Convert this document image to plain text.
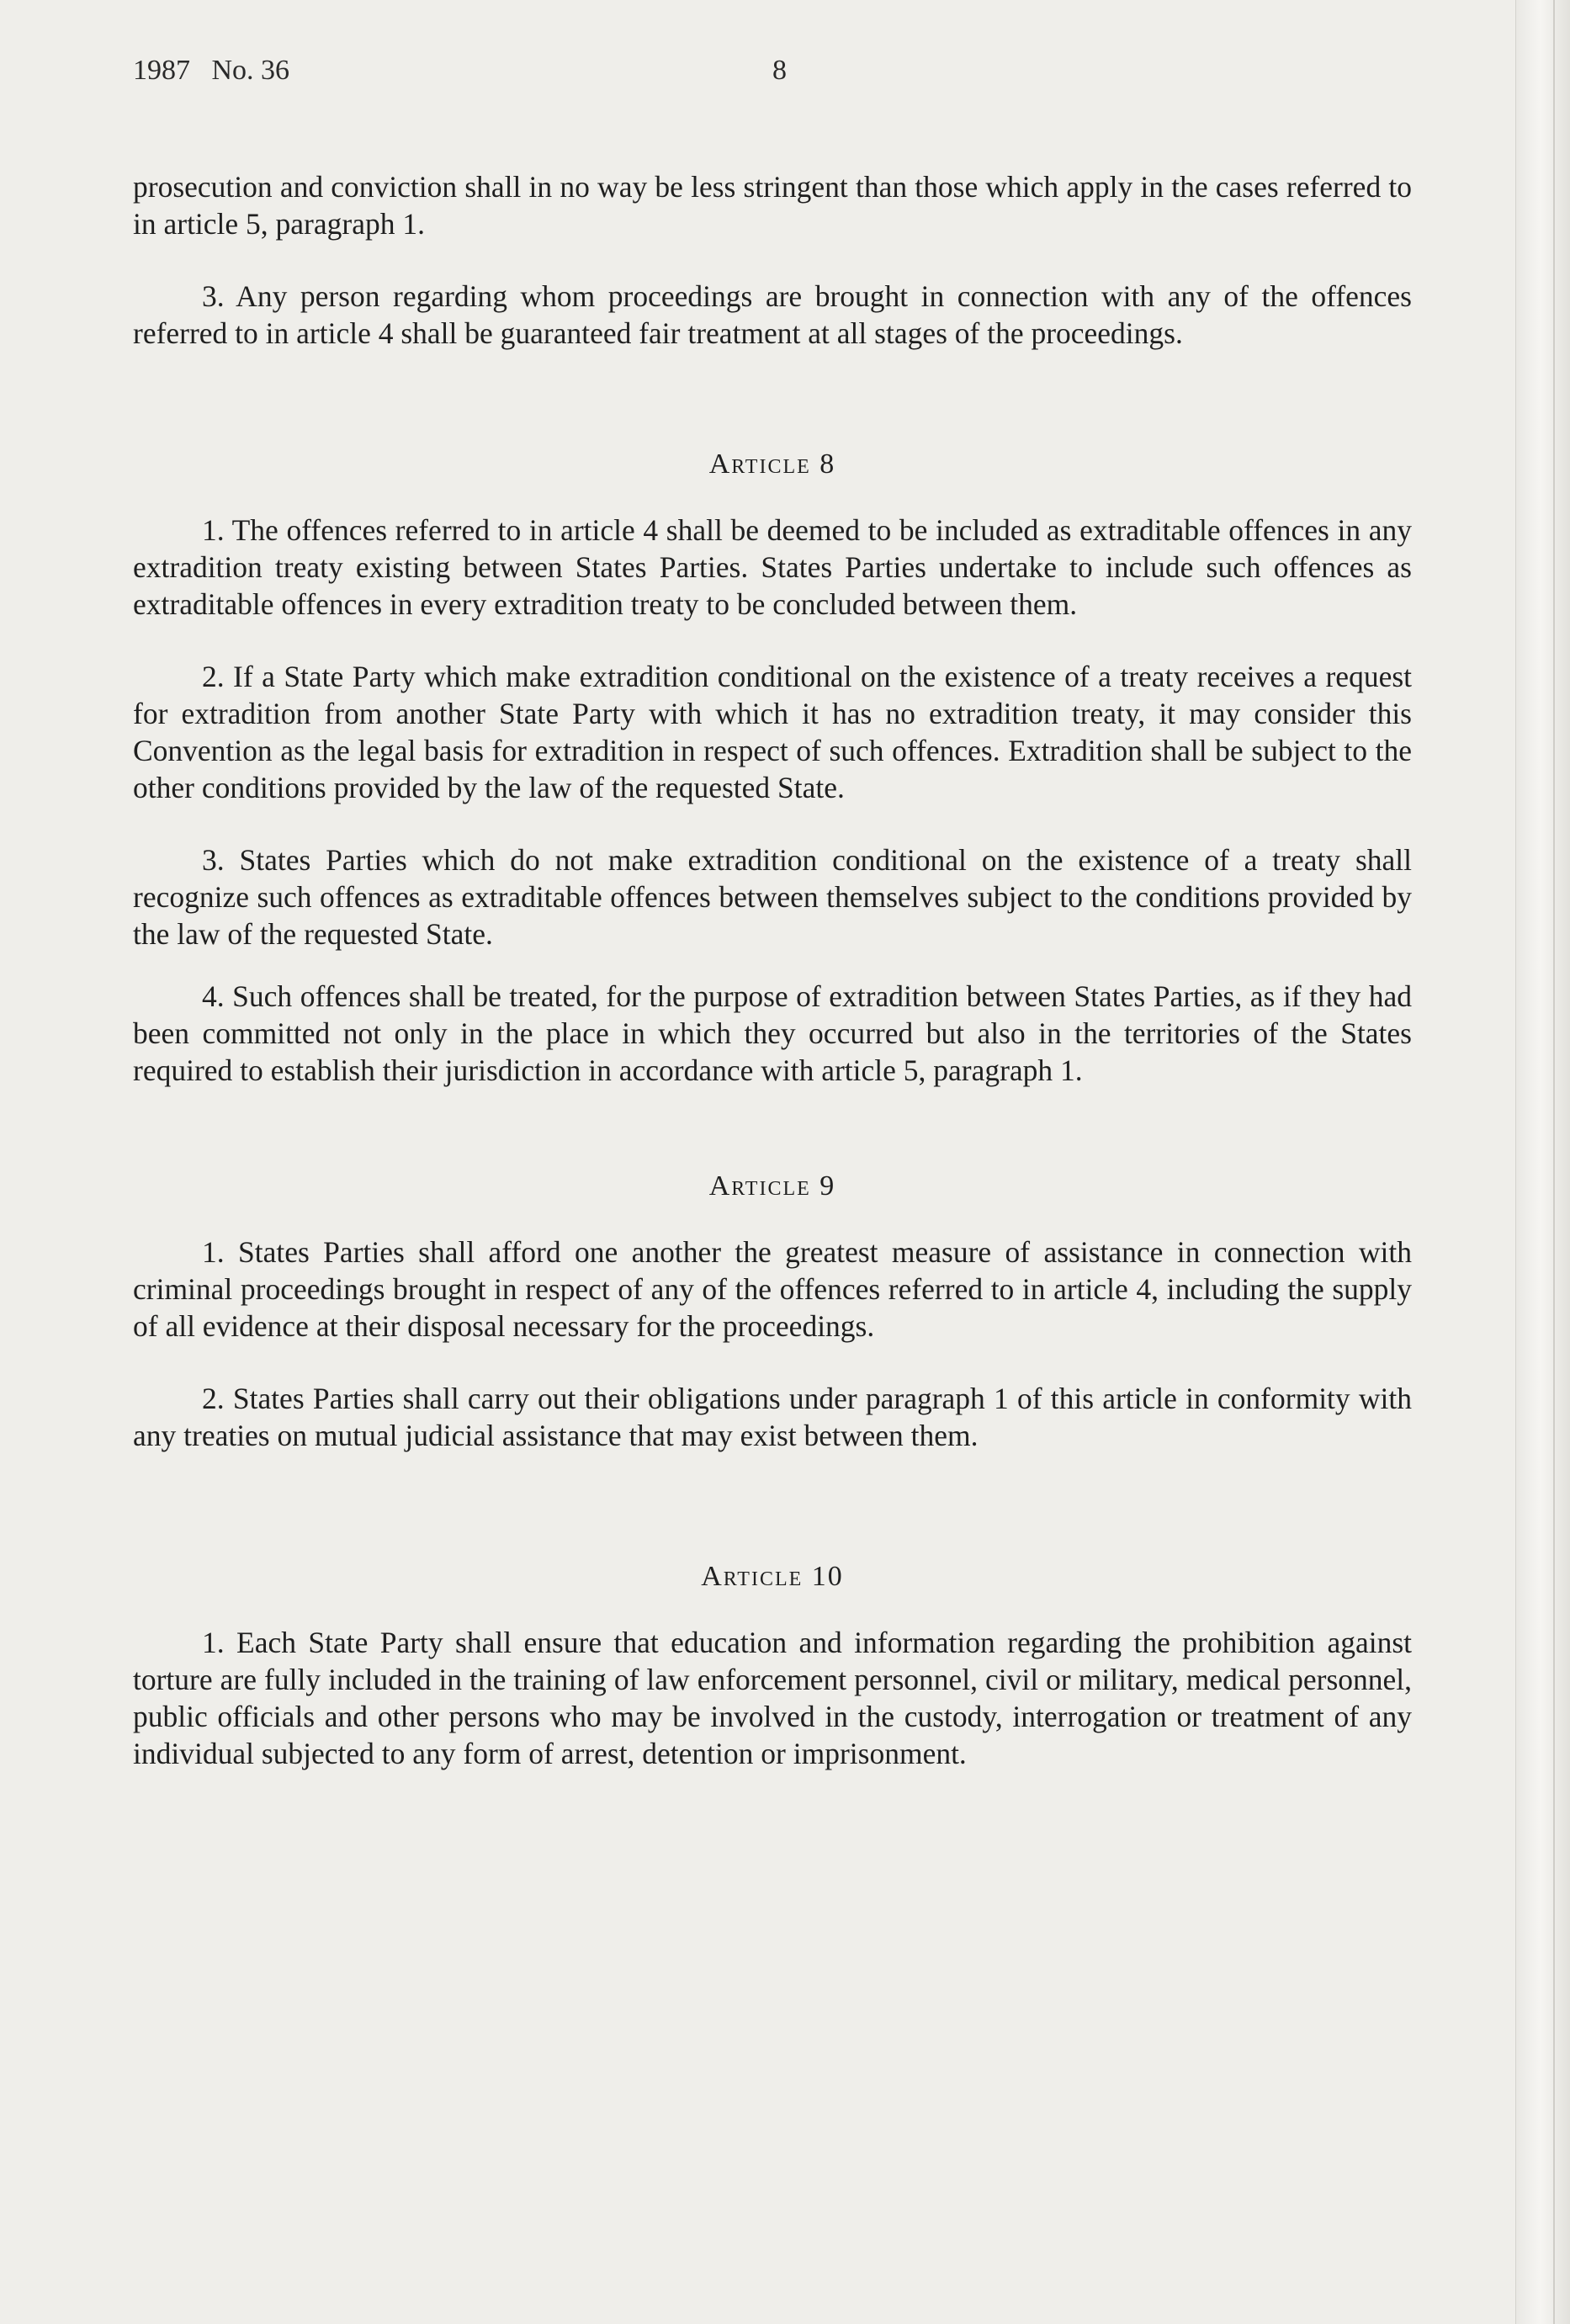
1987   No. 36	8

prosecution and conviction shall in no way be less stringent than those which apply in the cases referred to in article 5, paragraph 1.

3. Any person regarding whom proceedings are brought in connection with any of the offences referred to in article 4 shall be guaranteed fair treatment at all stages of the proceedings.

Article 8

1. The offences referred to in article 4 shall be deemed to be included as extraditable offences in any extradition treaty existing between States Parties. States Parties undertake to include such offences as extraditable offences in every extradition treaty to be concluded between them.

2. If a State Party which make extradition conditional on the existence of a treaty receives a request for extradition from another State Party with which it has no extradition treaty, it may consider this Convention as the legal basis for extradition in respect of such offences. Extradition shall be subject to the other conditions provided by the law of the requested State.

3. States Parties which do not make extradition conditional on the existence of a treaty shall recognize such offences as extraditable offences between themselves subject to the conditions provided by the law of the requested State.

4. Such offences shall be treated, for the purpose of extradition between States Parties, as if they had been committed not only in the place in which they occurred but also in the territories of the States required to establish their jurisdiction in accordance with article 5, paragraph 1.

Article 9

1. States Parties shall afford one another the greatest measure of assistance in connection with criminal proceedings brought in respect of any of the offences referred to in article 4, including the supply of all evidence at their disposal necessary for the proceedings.

2. States Parties shall carry out their obligations under paragraph 1 of this article in conformity with any treaties on mutual judicial assistance that may exist between them.

Article 10

1. Each State Party shall ensure that education and information regarding the prohibition against torture are fully included in the training of law enforcement personnel, civil or military, medical personnel, public officials and other persons who may be involved in the custody, interrogation or treatment of any individual subjected to any form of arrest, detention or imprisonment.
